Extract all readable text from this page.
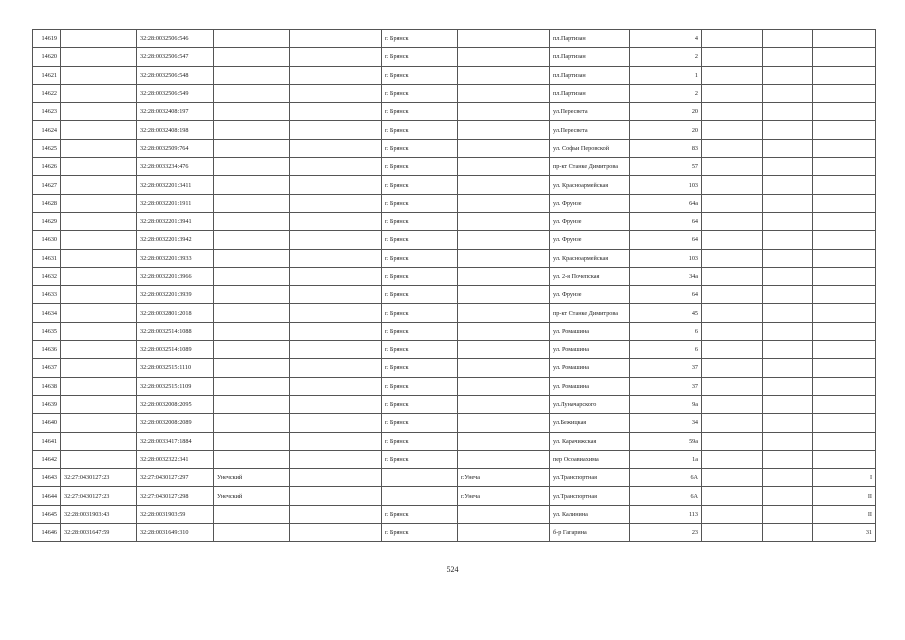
14619		32:28:0032506:546			г. Брянск		пл.Партизан	4			
14620		32:28:0032506:547			г. Брянск		пл.Партизан	2			
14621		32:28:0032506:548			г. Брянск		пл.Партизан	1			
14622		32:28:0032506:549			г. Брянск		пл.Партизан	2			
14623		32:28:0032408:197			г. Брянск		ул.Пересвета	20			
14624		32:28:0032408:198			г. Брянск		ул.Пересвета	20			
14625		32:28:0032509:764			г. Брянск		ул. Софьи Перовской	83			
14626		32:28:0033234:476			г. Брянск		пр-кт Станке Димитрова	57			
14627		32:28:0032201:3411			г. Брянск		ул. Красноармейская	103			
14628		32:28:0032201:1911			г. Брянск		ул. Фрунзе	64а			
14629		32:28:0032201:3941			г. Брянск		ул. Фрунзе	64			
14630		32:28:0032201:3942			г. Брянск		ул. Фрунзе	64			
14631		32:28:0032201:3933			г. Брянск		ул. Красноармейская	103			
14632		32:28:0032201:3966			г. Брянск		ул. 2-я Почепская	34а			
14633		32:28:0032201:3939			г. Брянск		ул. Фрунзе	64			
14634		32:28:0032801:2018			г. Брянск		пр-кт Станке Димитрова	45			
14635		32:28:0032514:1088			г. Брянск		ул. Ромашина	6			
14636		32:28:0032514:1089			г. Брянск		ул. Ромашина	6			
14637		32:28:0032515:1110			г. Брянск		ул. Ромашина	37			
14638		32:28:0032515:1109			г. Брянск		ул. Ромашина	37			
14639		32:28:0032008:2095			г. Брянск		ул.Луначарского	9а			
14640		32:28:0032008:2089			г. Брянск		ул.Бежицкая	34			
14641		32:28:0033417:1884			г. Брянск		ул. Карачижская	59а			
14642		32:28:0032322:341			г. Брянск		пер Осоавиахима	1а			
14643	32:27:0430127:23	32:27:0430127:297	Унечский			г.Унеча	ул.Транспортная	6А			I
14644	32:27:0430127:23	32:27:0430127:298	Унечский			г.Унеча	ул.Транспортная	6А			II
14645	32:28:0031903:43	32:28:0031903:59			г. Брянск		ул. Калинина	113			II
14646	32:28:0031647:59	32:28:0031649:310			г. Брянск		б-р Гагарина	23			31
524
